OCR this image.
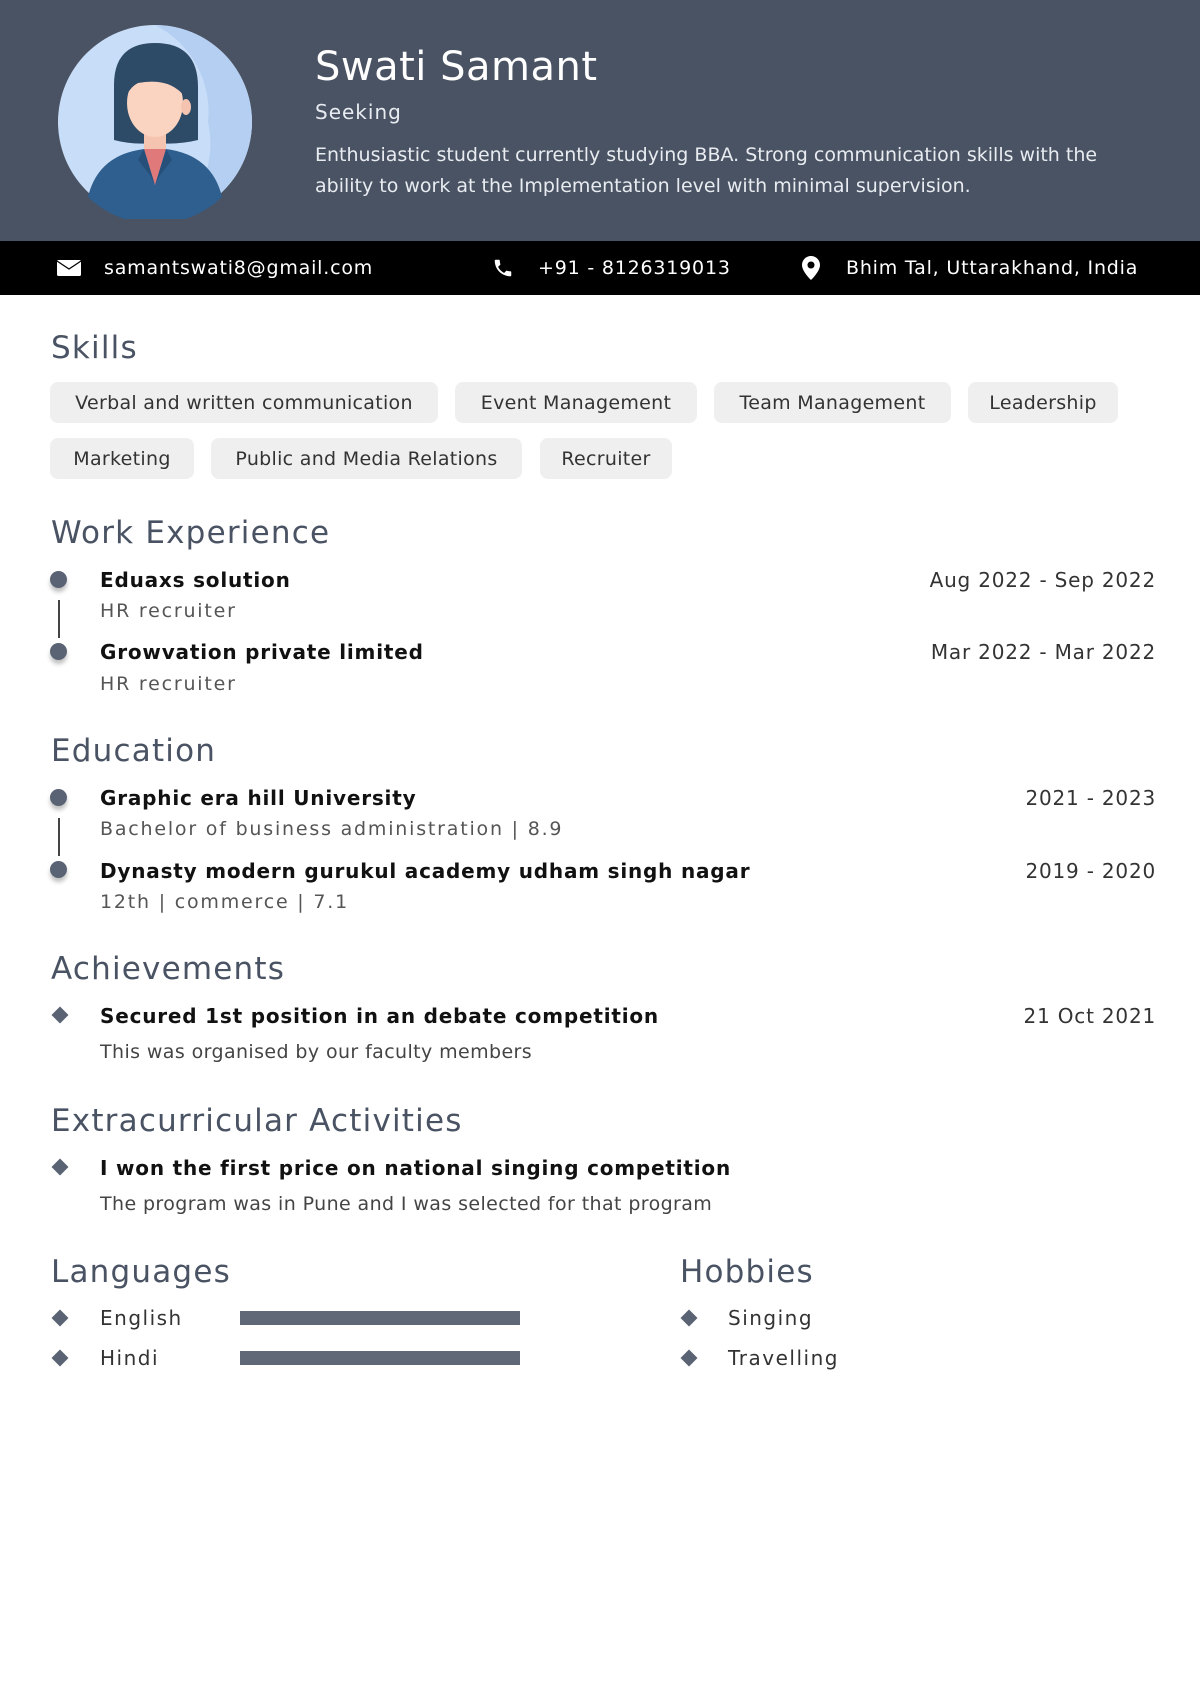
Swati Samant
Seeking
Enthusiastic student currently studying BBA. Strong communication skills with the ability to work at the Implementation level with minimal supervision.
samantswati8@gmail.com	+91 - 8126319013	Bhim Tal, Uttarakhand, India
Skills
Verbal and written communication	Event Management	Team Management	Leadership
Marketing	Public and Media Relations	Recruiter
Work Experience
Eduaxs solution	Aug 2022 - Sep 2022
HR recruiter
Growvation private limited	Mar 2022 - Mar 2022
HR recruiter
Education
Graphic era hill University	2021 - 2023
Bachelor of business administration | 8.9
Dynasty modern gurukul academy udham singh nagar	2019 - 2020
12th | commerce | 7.1
Achievements
Secured 1st position in an debate competition	21 Oct 2021
This was organised by our faculty members
Extracurricular Activities
I won the first price on national singing competition
The program was in Pune and I was selected for that program
Languages
English
Hindi
Hobbies
Singing
Travelling
